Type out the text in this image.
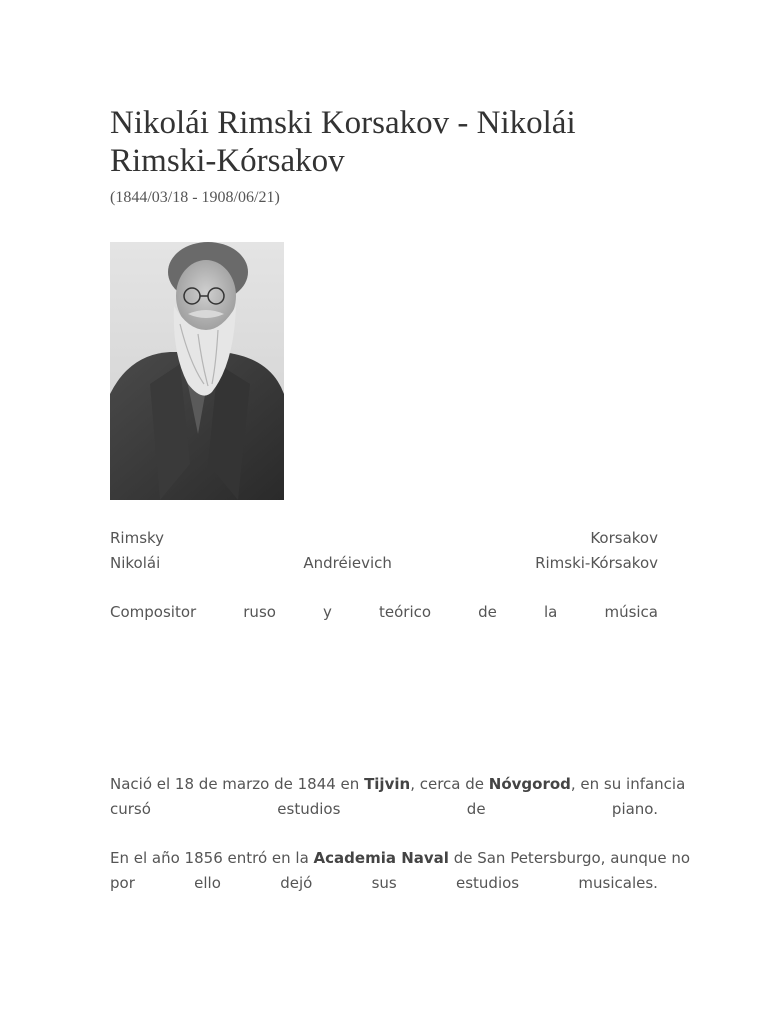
Nikolái Rimski Korsakov - Nikolái Rimski-Kórsakov
(1844/03/18 - 1908/06/21)
Rimsky	Korsakov
Nikolái	Andréievich	Rimski-Kórsakov
Compositor	ruso	y	teórico	de	la	música
Nació el 18 de marzo de 1844 en Tijvin, cerca de Nóvgorod, en su infancia
cursó	estudios	de	piano.
En el año 1856 entró en la Academia Naval de San Petersburgo, aunque no
por	ello	dejó	sus	estudios	musicales.
